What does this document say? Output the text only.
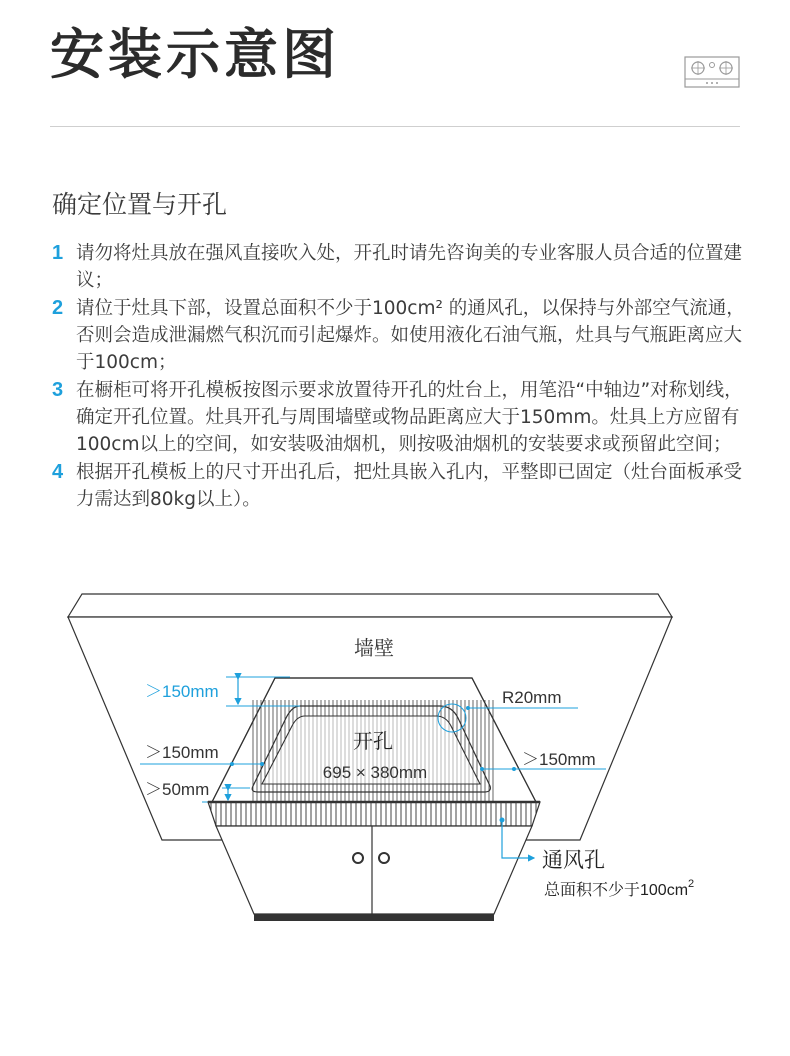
安装示意图
确定位置与开孔
1 请勿将灶具放在强风直接吹入处，开孔时请先咨询美的专业客服人员合适的位置建议；
2 请位于灶具下部，设置总面积不少于100cm² 的通风孔，以保持与外部空气流通，否则会造成泄漏燃气积沉而引起爆炸。如使用液化石油气瓶，灶具与气瓶距离应大于100cm；
3 在橱柜可将开孔模板按图示要求放置待开孔的灶台上，用笔沿“中轴边”对称划线，确定开孔位置。灶具开孔与周围墙壁或物品距离应大于150mm。灶具上方应留有100cm以上的空间，如安装吸油烟机，则按吸油烟机的安装要求或预留此空间；
4 根据开孔模板上的尺寸开出孔后，把灶具嵌入孔内，平整即已固定（灶台面板承受力需达到80kg以上）。
墙壁
开孔
695 × 380mm
R20mm
＞150mm
＞150mm
＞50mm
＞150mm
通风孔
总面积不少于$100cm^2$
